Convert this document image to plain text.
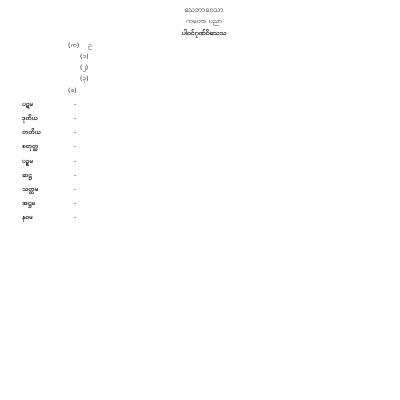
သေဘာဝေသာ
ကတော ပညာ
ပါဝင်ဂုဏ်ဝိသေသ
(က) ဥ
(၁)
(၂)
(၃)
(ခ)
ပဋမ	-
ဒုတိယ	-
တတိယ	-
စတုတ္ထ	-
ပဉ္စမ	-
ဆဋ္ဌ	-
သတ္တမ	-
အဋ္ဌမ	-
နဝမ	-
